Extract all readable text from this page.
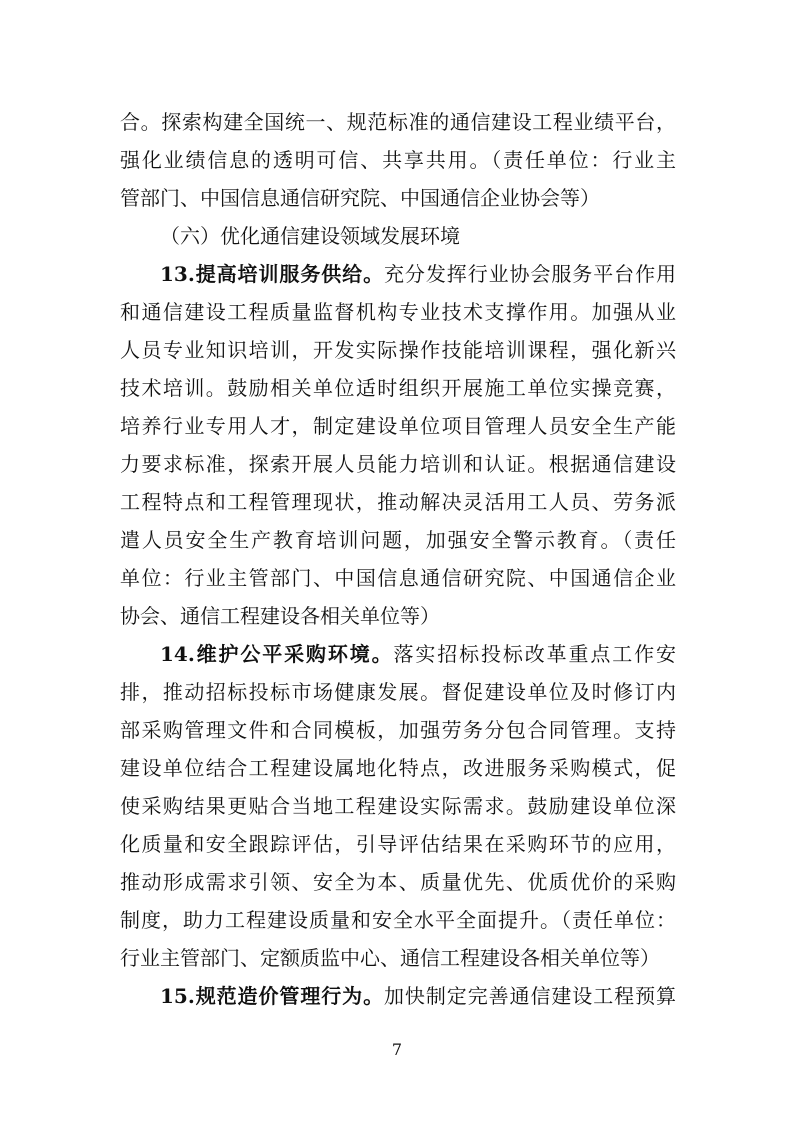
合。探索构建全国统一、规范标准的通信建设工程业绩平台，
强化业绩信息的透明可信、共享共用。（责任单位：行业主
管部门、中国信息通信研究院、中国通信企业协会等）
（六）优化通信建设领域发展环境
13.提高培训服务供给。充分发挥行业协会服务平台作用
和通信建设工程质量监督机构专业技术支撑作用。加强从业
人员专业知识培训，开发实际操作技能培训课程，强化新兴
技术培训。鼓励相关单位适时组织开展施工单位实操竞赛，
培养行业专用人才，制定建设单位项目管理人员安全生产能
力要求标准，探索开展人员能力培训和认证。根据通信建设
工程特点和工程管理现状，推动解决灵活用工人员、劳务派
遣人员安全生产教育培训问题，加强安全警示教育。（责任
单位：行业主管部门、中国信息通信研究院、中国通信企业
协会、通信工程建设各相关单位等）
14.维护公平采购环境。落实招标投标改革重点工作安
排，推动招标投标市场健康发展。督促建设单位及时修订内
部采购管理文件和合同模板，加强劳务分包合同管理。支持
建设单位结合工程建设属地化特点，改进服务采购模式，促
使采购结果更贴合当地工程建设实际需求。鼓励建设单位深
化质量和安全跟踪评估，引导评估结果在采购环节的应用，
推动形成需求引领、安全为本、质量优先、优质优价的采购
制度，助力工程建设质量和安全水平全面提升。（责任单位：
行业主管部门、定额质监中心、通信工程建设各相关单位等）
15.规范造价管理行为。加快制定完善通信建设工程预算
7
